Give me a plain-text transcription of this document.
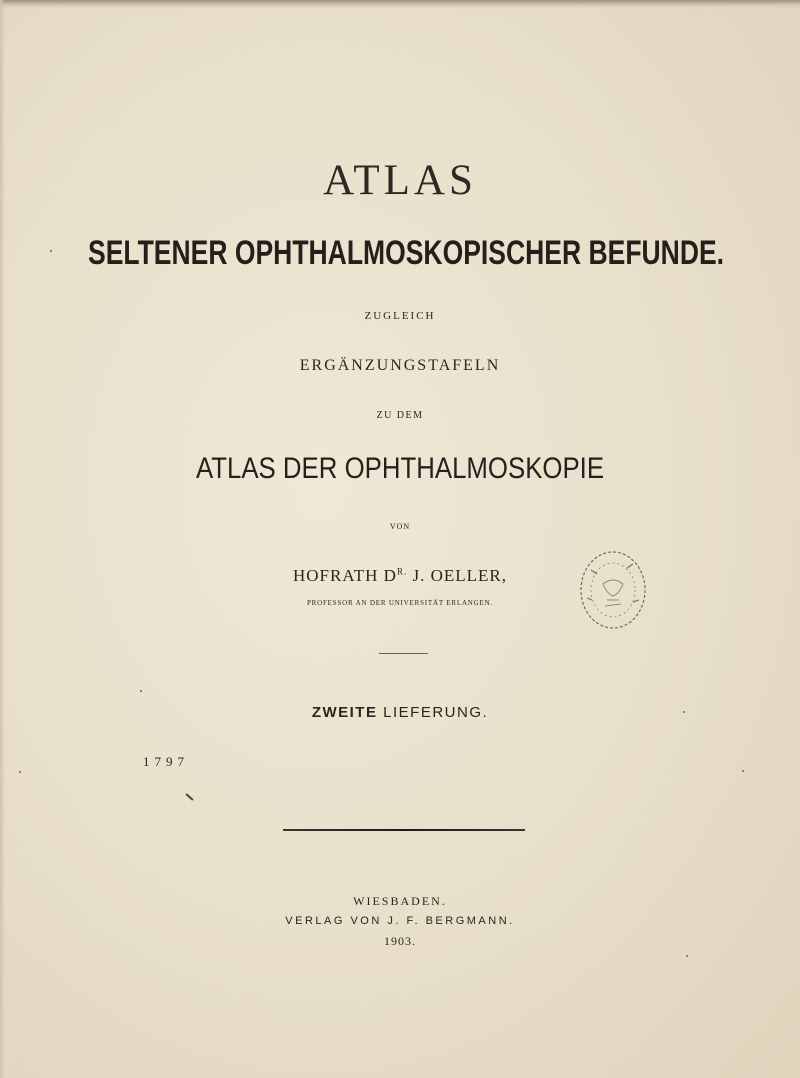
ATLAS
SELTENER OPHTHALMOSKOPISCHER BEFUNDE.
ZUGLEICH
ERGÄNZUNGSTAFELN
ZU DEM
ATLAS DER OPHTHALMOSKOPIE
VON
HOFRATH $D^{R.}$ J. OELLER,
PROFESSOR AN DER UNIVERSITÄT ERLANGEN.
ZWEITE LIEFERUNG.
1797
WIESBADEN.
VERLAG VON J. F. BERGMANN.
1903.
